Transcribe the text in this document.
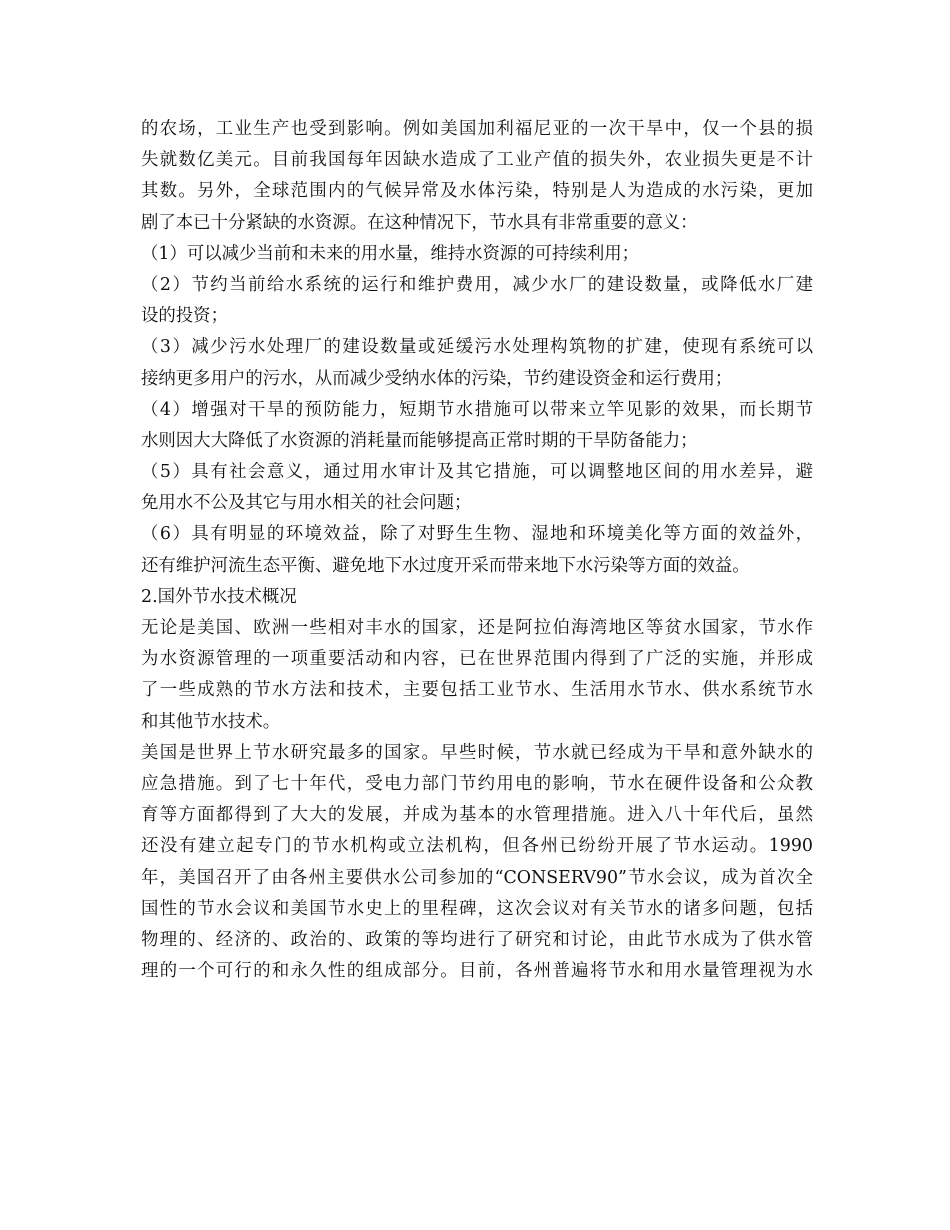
的农场，工业生产也受到影响。例如美国加利福尼亚的一次干旱中，仅一个县的损
失就数亿美元。目前我国每年因缺水造成了工业产值的损失外，农业损失更是不计
其数。另外，全球范围内的气候异常及水体污染，特别是人为造成的水污染，更加
剧了本已十分紧缺的水资源。在这种情况下，节水具有非常重要的意义：
（1）可以减少当前和未来的用水量，维持水资源的可持续利用；
（2）节约当前给水系统的运行和维护费用，减少水厂的建设数量，或降低水厂建
设的投资；
（3）减少污水处理厂的建设数量或延缓污水处理构筑物的扩建，使现有系统可以
接纳更多用户的污水，从而减少受纳水体的污染，节约建设资金和运行费用；
（4）增强对干旱的预防能力，短期节水措施可以带来立竿见影的效果，而长期节
水则因大大降低了水资源的消耗量而能够提高正常时期的干旱防备能力；
（5）具有社会意义，通过用水审计及其它措施，可以调整地区间的用水差异，避
免用水不公及其它与用水相关的社会问题；
（6）具有明显的环境效益，除了对野生生物、湿地和环境美化等方面的效益外，
还有维护河流生态平衡、避免地下水过度开采而带来地下水污染等方面的效益。
2.国外节水技术概况
无论是美国、欧洲一些相对丰水的国家，还是阿拉伯海湾地区等贫水国家，节水作
为水资源管理的一项重要活动和内容，已在世界范围内得到了广泛的实施，并形成
了一些成熟的节水方法和技术，主要包括工业节水、生活用水节水、供水系统节水
和其他节水技术。
美国是世界上节水研究最多的国家。早些时候，节水就已经成为干旱和意外缺水的
应急措施。到了七十年代，受电力部门节约用电的影响，节水在硬件设备和公众教
育等方面都得到了大大的发展，并成为基本的水管理措施。进入八十年代后，虽然
还没有建立起专门的节水机构或立法机构，但各州已纷纷开展了节水运动。1990
年，美国召开了由各州主要供水公司参加的“CONSERV90”节水会议，成为首次全
国性的节水会议和美国节水史上的里程碑，这次会议对有关节水的诸多问题，包括
物理的、经济的、政治的、政策的等均进行了研究和讨论，由此节水成为了供水管
理的一个可行的和永久性的组成部分。目前，各州普遍将节水和用水量管理视为水
